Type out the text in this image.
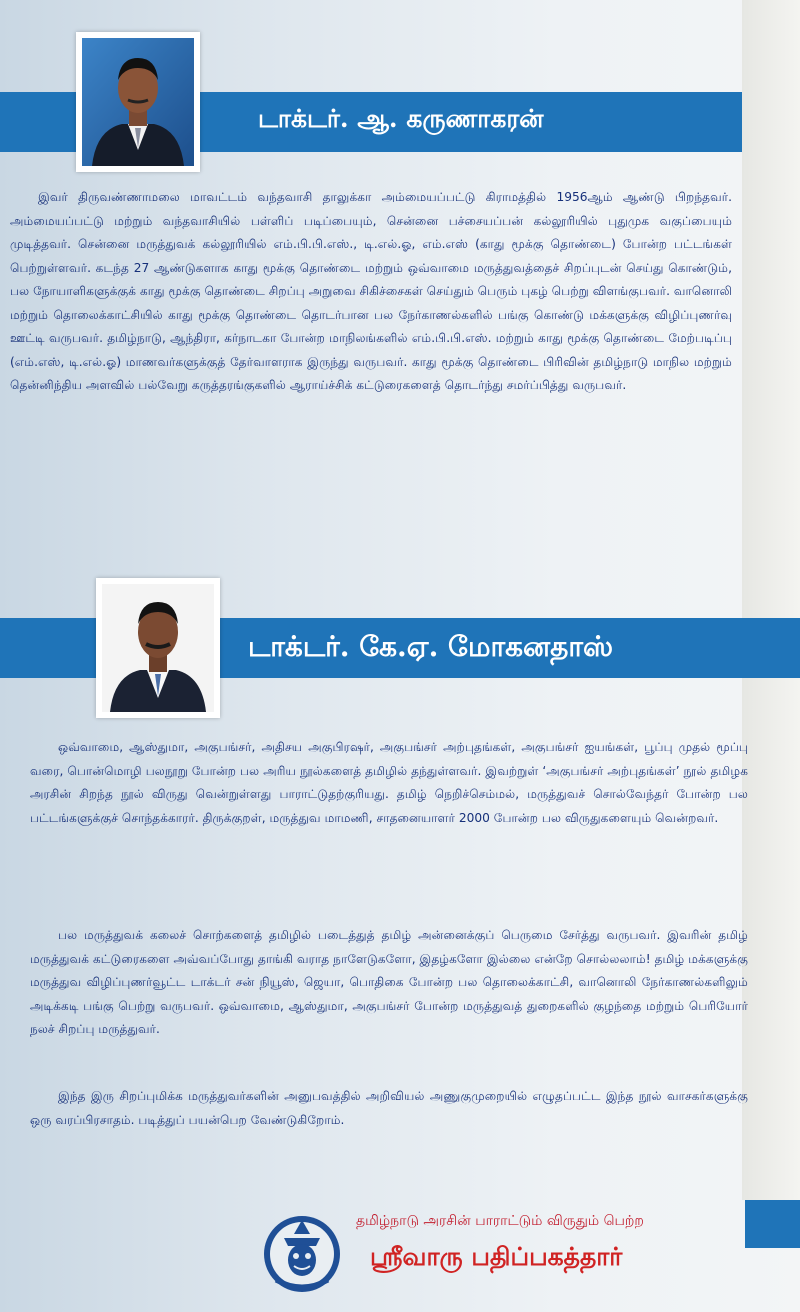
டாக்டர். ஆ. கருணாகரன்

இவர் திருவண்ணாமலை மாவட்டம் வந்தவாசி தாலுக்கா அம்மையப்பட்டு கிராமத்தில் 1956ஆம் ஆண்டு பிறந்தவர். அம்மையப்பட்டு மற்றும் வந்தவாசியில் பள்ளிப் படிப்பையும், சென்னை பச்சையப்பன் கல்லூரியில் புதுமுக வகுப்பையும் முடித்தவர். சென்னை மருத்துவக் கல்லூரியில் எம்.பி.பி.எஸ்., டி.எல்.ஓ, எம்.எஸ் (காது மூக்கு தொண்டை) போன்ற பட்டங்கள் பெற்றுள்ளவர். கடந்த 27 ஆண்டுகளாக காது மூக்கு தொண்டை மற்றும் ஒவ்வாமை மருத்துவத்தைச் சிறப்புடன் செய்து கொண்டும், பல நோயாளிகளுக்குக் காது மூக்கு தொண்டை சிறப்பு அறுவை சிகிச்சைகள் செய்தும் பெரும் புகழ் பெற்று விளங்குபவர். வானொலி மற்றும் தொலைக்காட்சியில் காது மூக்கு தொண்டை தொடர்பான பல நேர்காணல்களில் பங்கு கொண்டு மக்களுக்கு விழிப்புணர்வு ஊட்டி வருபவர். தமிழ்நாடு, ஆந்திரா, கர்நாடகா போன்ற மாநிலங்களில் எம்.பி.பி.எஸ். மற்றும் காது மூக்கு தொண்டை மேற்படிப்பு (எம்.எஸ், டி.எல்.ஓ) மாணவர்களுக்குத் தேர்வாளராக இருந்து வருபவர். காது மூக்கு தொண்டை பிரிவின் தமிழ்நாடு மாநில மற்றும் தென்னிந்திய அளவில் பல்வேறு கருத்தரங்குகளில் ஆராய்ச்சிக் கட்டுரைகளைத் தொடர்ந்து சமர்ப்பித்து வருபவர்.

டாக்டர். கே.ஏ. மோகனதாஸ்

ஒவ்வாமை, ஆஸ்துமா, அகுபங்சர், அதிசய அகுபிரஷர், அகுபங்சர் அற்புதங்கள், அகுபங்சர் ஐயங்கள், பூப்பு முதல் மூப்பு வரை, பொன்மொழி பலநூறு போன்ற பல அரிய நூல்களைத் தமிழில் தந்துள்ளவர். இவற்றுள் ‘அகுபங்சர் அற்புதங்கள்’ நூல் தமிழக அரசின் சிறந்த நூல் விருது வென்றுள்ளது பாராட்டுதற்குரியது. தமிழ் நெறிச்செம்மல், மருத்துவச் சொல்வேந்தர் போன்ற பல பட்டங்களுக்குச் சொந்தக்காரர். திருக்குறள், மருத்துவ மாமணி, சாதனையாளர் 2000 போன்ற பல விருதுகளையும் வென்றவர்.

பல மருத்துவக் கலைச் சொற்களைத் தமிழில் படைத்துத் தமிழ் அன்னைக்குப் பெருமை சேர்த்து வருபவர். இவரின் தமிழ் மருத்துவக் கட்டுரைகளை அவ்வப்போது தாங்கி வராத நாளேடுகளோ, இதழ்களோ இல்லை என்றே சொல்லலாம்! தமிழ் மக்களுக்கு மருத்துவ விழிப்புணர்வூட்ட டாக்டர் சன் நியூஸ், ஜெயா, பொதிகை போன்ற பல தொலைக்காட்சி, வானொலி நேர்காணல்களிலும் அடிக்கடி பங்கு பெற்று வருபவர். ஒவ்வாமை, ஆஸ்துமா, அகுபங்சர் போன்ற மருத்துவத் துறைகளில் குழந்தை மற்றும் பெரியோர் நலச் சிறப்பு மருத்துவர்.

இந்த இரு சிறப்புமிக்க மருத்துவர்களின் அனுபவத்தில் அறிவியல் அணுகுமுறையில் எழுதப்பட்ட இந்த நூல் வாசகர்களுக்கு ஒரு வரப்பிரசாதம். படித்துப் பயன்பெற வேண்டுகிறோம்.

தமிழ்நாடு அரசின் பாராட்டும் விருதும் பெற்ற
ஸ்ரீவாரு பதிப்பகத்தார்
